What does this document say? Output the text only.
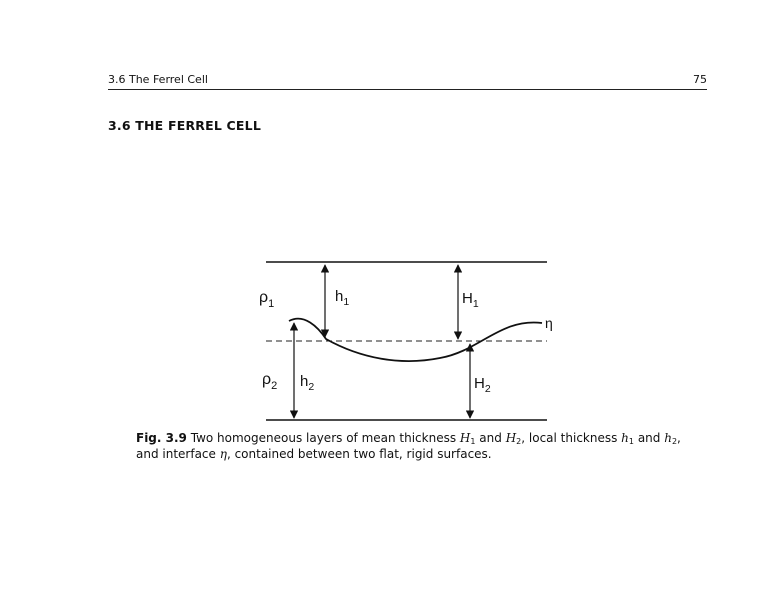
3.6 The Ferrel Cell	75
3.6 THE FERREL CELL
$\rho_1$
$\rho_2$
$h_1$	$H_1$
$h_2$	$H_2$
η
Fig. 3.9 Two homogeneous layers of mean thickness $H_1$ and $H_2$, local thickness $h_1$ and $h_2$, and interface η, contained between two flat, rigid surfaces.
